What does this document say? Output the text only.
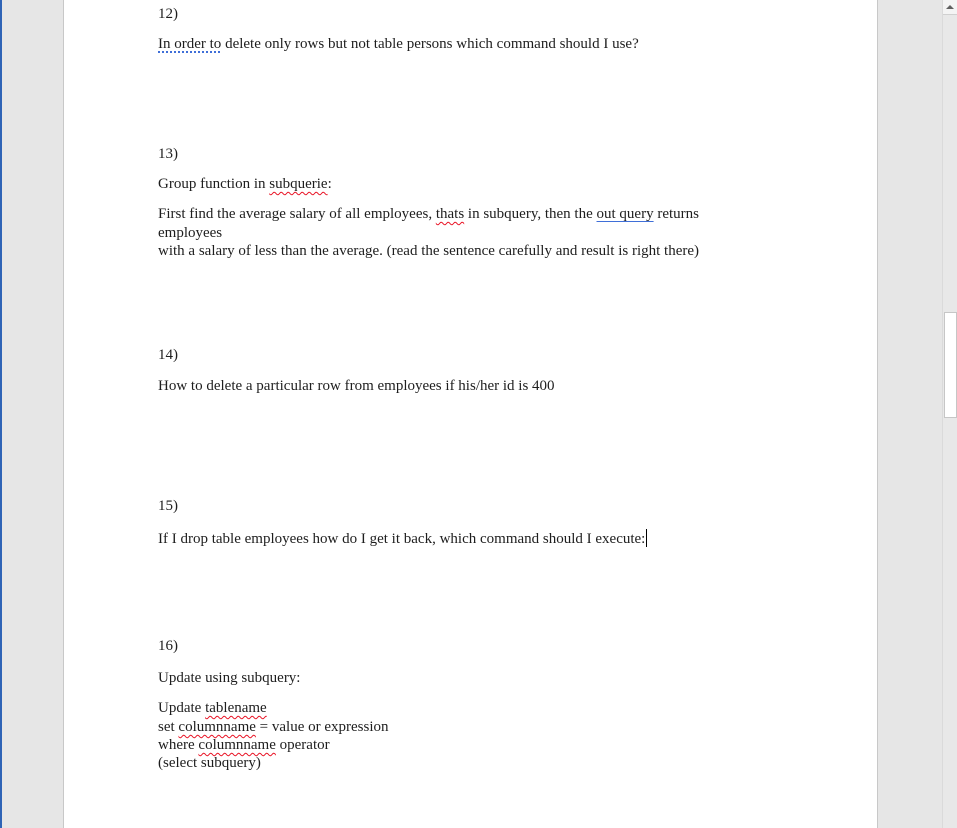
12)
In order to delete only rows but not table persons which command should I use?
13)
Group function in subquerie:
First find the average salary of all employees, thats in subquery, then the out query returns
employees
with a salary of less than the average. (read the sentence carefully and result is right there)
14)
How to delete a particular row from employees if his/her id is 400
15)
If I drop table employees how do I get it back, which command should I execute:
16)
Update using subquery:
Update tablename
set columnname = value or expression
where columnname operator
(select subquery)
